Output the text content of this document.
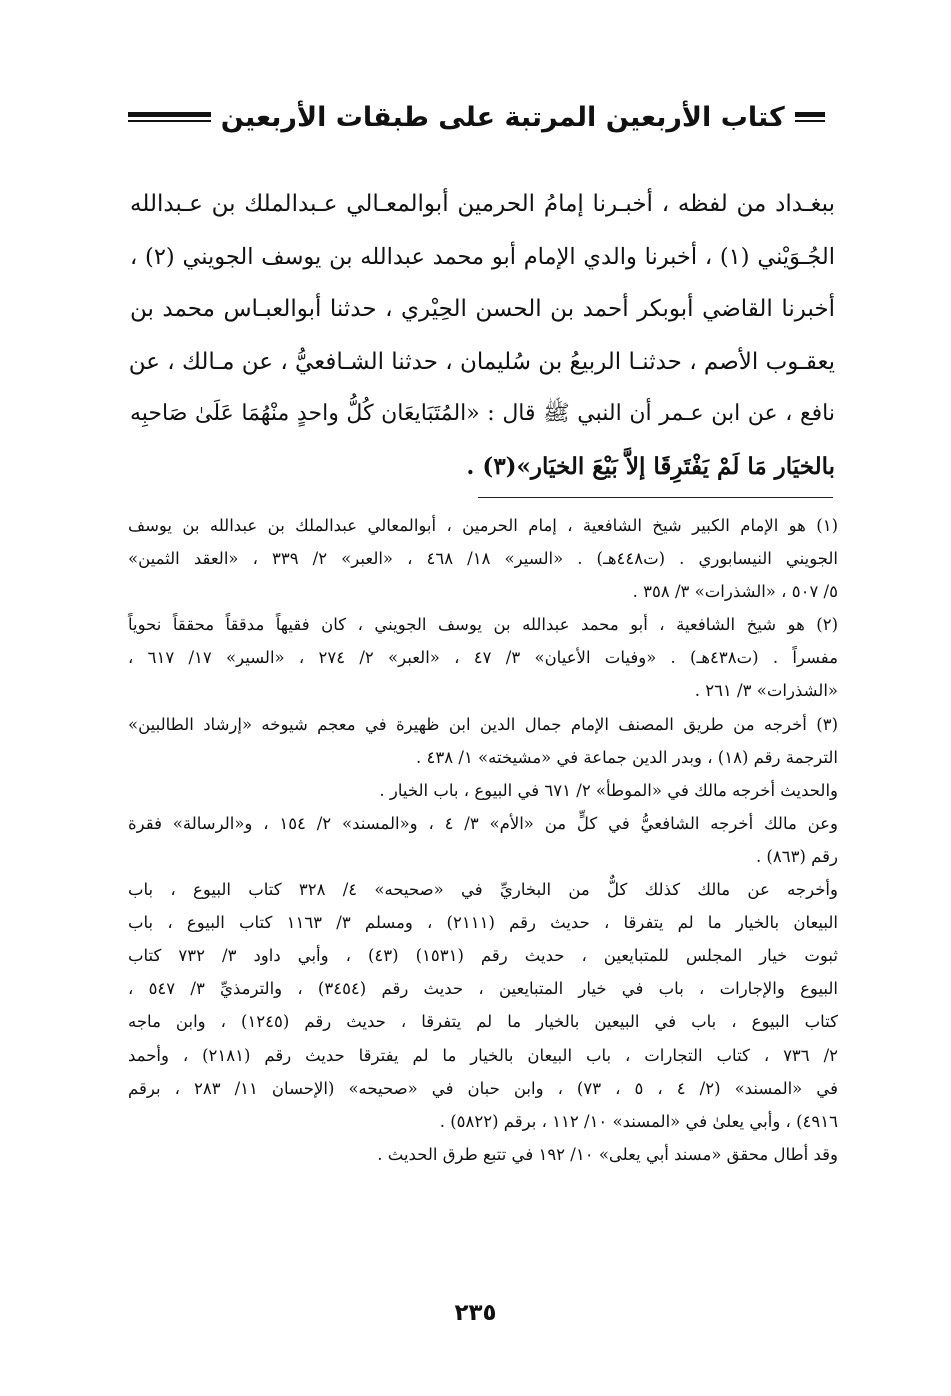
كتاب الأربعين المرتبة على طبقات الأربعين
ببغـداد من لفظه ، أخبـرنا إمامُ الحرمين أبوالمعـالي عـبدالملك بن عـبدالله
الجُـوَيْني (١) ، أخبرنا والدي الإمام أبو محمد عبدالله بن يوسف الجويني (٢) ،
أخبرنا القاضي أبوبكر أحمد بن الحسن الحِيْري ، حدثنا أبوالعبـاس محمد بن
يعقـوب الأصم ، حدثنـا الربيعُ بن سُليمان ، حدثنا الشـافعيُّ ، عن مـالك ، عن
نافع ، عن ابن عـمر أن النبي ﷺ قال : «المُتَبَايعَان كُلُّ واحدٍ منْهُمَا عَلَىٰ صَاحبِه
بالخيَار مَا لَمْ يَفْتَرِقَا إلاَّ بَيْعَ الخيَار»(٣) .
(١) هو الإمام الكبير شيخ الشافعية ، إمام الحرمين ، أبوالمعالي عبدالملك بن عبدالله بن يوسف
الجويني النيسابوري . (ت٤٤٨هـ) . «السير» ١٨/ ٤٦٨ ، «العبر» ٢/ ٣٣٩ ، «العقد الثمين»
٥/ ٥٠٧ ، «الشذرات» ٣/ ٣٥٨ .
(٢) هو شيخ الشافعية ، أبو محمد عبدالله بن يوسف الجويني ، كان فقيهاً مدققاً محققاً نحوياً
مفسراً . (ت٤٣٨هـ) . «وفيات الأعيان» ٣/ ٤٧ ، «العبر» ٢/ ٢٧٤ ، «السير» ١٧/ ٦١٧ ،
«الشذرات» ٣/ ٢٦١ .
(٣) أخرجه من طريق المصنف الإمام جمال الدين ابن ظهيرة في معجم شيوخه «إرشاد الطالبين»
الترجمة رقم (١٨) ، وبدر الدين جماعة في «مشيخته» ١/ ٤٣٨ .
والحديث أخرجه مالك في «الموطأ» ٢/ ٦٧١ في البيوع ، باب الخيار .
وعن مالك أخرجه الشافعيُّ في كلٍّ من «الأم» ٣/ ٤ ، و«المسند» ٢/ ١٥٤ ، و«الرسالة» فقرة
رقم (٨٦٣) .
وأخرجه عن مالك كذلك كلٌّ من البخاريِّ في «صحيحه» ٤/ ٣٢٨ كتاب البيوع ، باب
البيعان بالخيار ما لم يتفرقا ، حديث رقم (٢١١١) ، ومسلم ٣/ ١١٦٣ كتاب البيوع ، باب
ثبوت خيار المجلس للمتبايعين ، حديث رقم (١٥٣١) (٤٣) ، وأبي داود ٣/ ٧٣٢ كتاب
البيوع والإجارات ، باب في خيار المتبايعين ، حديث رقم (٣٤٥٤) ، والترمذيِّ ٣/ ٥٤٧ ،
كتاب البيوع ، باب في البيعين بالخيار ما لم يتفرقا ، حديث رقم (١٢٤٥) ، وابن ماجه
٢/ ٧٣٦ ، كتاب التجارات ، باب البيعان بالخيار ما لم يفترقا حديث رقم (٢١٨١) ، وأحمد
في «المسند» (٢/ ٤ ، ٥ ، ٧٣) ، وابن حبان في «صحيحه» (الإحسان ١١/ ٢٨٣ ، برقم
٤٩١٦) ، وأبي يعلىٰ في «المسند» ١٠/ ١١٢ ، برقم (٥٨٢٢) .
وقد أطال محقق «مسند أبي يعلى» ١٠/ ١٩٢ في تتبع طرق الحديث .
٢٣٥
